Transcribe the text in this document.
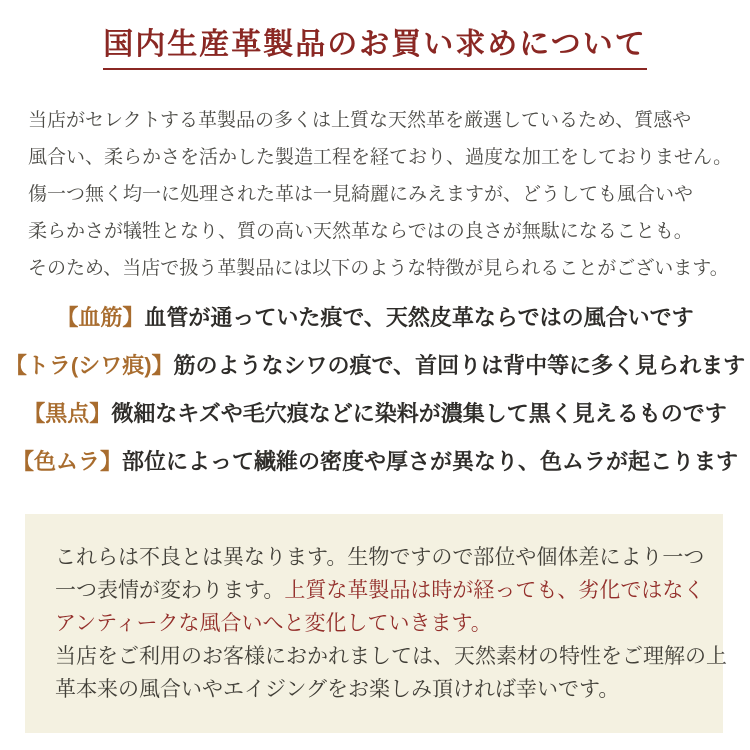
国内生産革製品のお買い求めについて
当店がセレクトする革製品の多くは上質な天然革を厳選しているため、質感や
風合い、柔らかさを活かした製造工程を経ており、過度な加工をしておりません。
傷一つ無く均一に処理された革は一見綺麗にみえますが、どうしても風合いや
柔らかさが犠牲となり、質の高い天然革ならではの良さが無駄になることも。
そのため、当店で扱う革製品には以下のような特徴が見られることがございます。
【血筋】血管が通っていた痕で、天然皮革ならではの風合いです
【トラ(シワ痕)】筋のようなシワの痕で、首回りは背中等に多く見られます
【黒点】微細なキズや毛穴痕などに染料が濃集して黒く見えるものです
【色ムラ】部位によって繊維の密度や厚さが異なり、色ムラが起こります
これらは不良とは異なります。生物ですので部位や個体差により一つ
一つ表情が変わります。上質な革製品は時が経っても、劣化ではなく
アンティークな風合いへと変化していきます。
当店をご利用のお客様におかれましては、天然素材の特性をご理解の上
革本来の風合いやエイジングをお楽しみ頂ければ幸いです。
